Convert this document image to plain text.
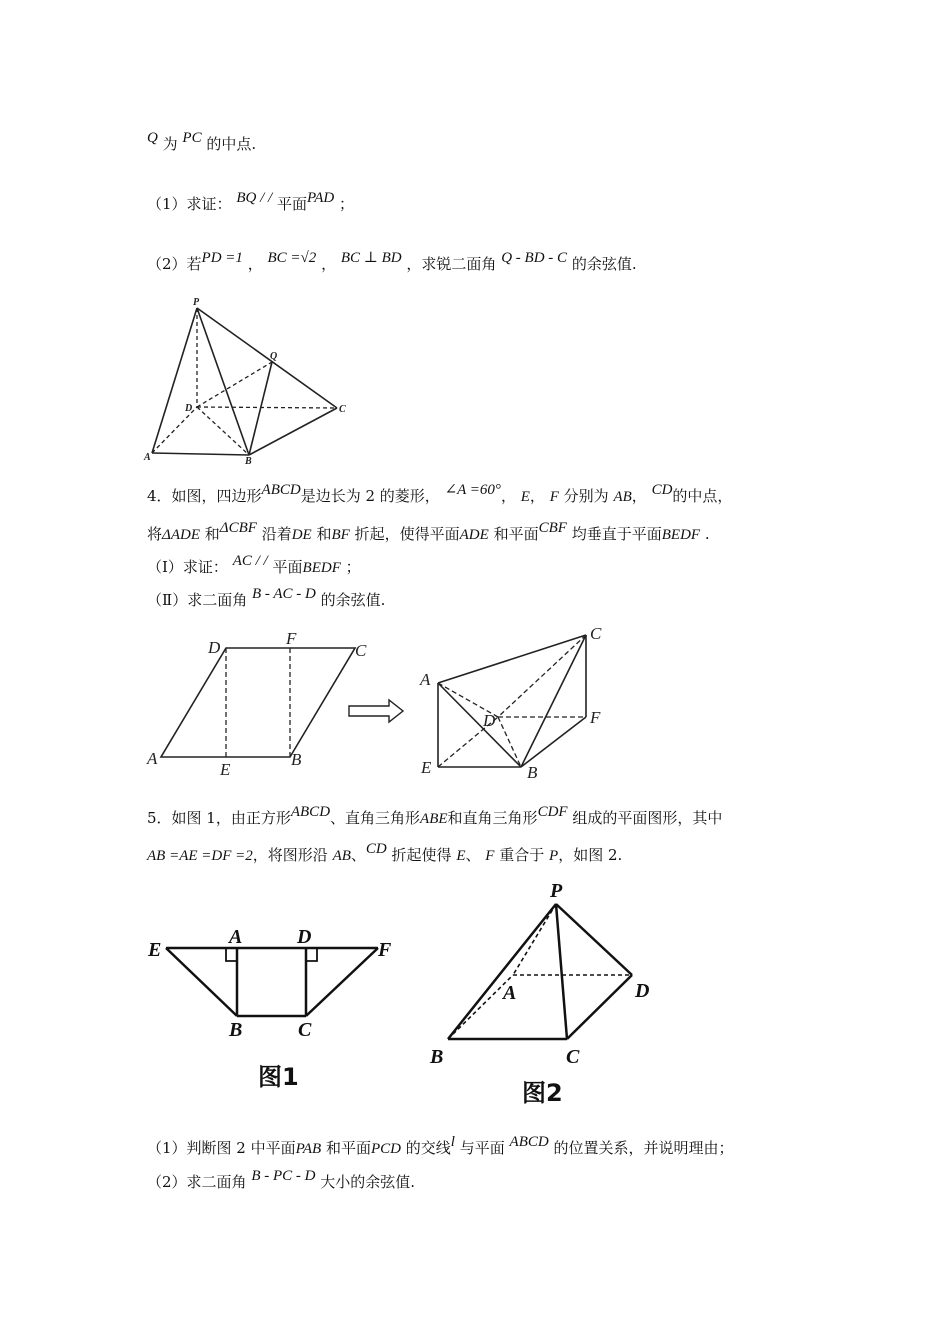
Q 为 PC 的中点.
（1）求证： BQ / / 平面PAD ；
（2）若PD =1 ， BC =√2 ， BC ⊥ BD ，求锐二面角 Q - BD - C 的余弦值.
P
Q
D	C
A	B
4．如图，四边形ABCD是边长为 2 的菱形， ∠A =60°， E， F 分别为 AB， CD的中点，
将ΔADE 和ΔCBF 沿着DE 和BF 折起，使得平面ADE 和平面CBF 均垂直于平面BEDF .
（Ⅰ）求证： AC / / 平面BEDF ；
（Ⅱ）求二面角 B - AC - D 的余弦值.
D	F
C
A
E
B
A
C
D	F
E	B
5．如图 1，由正方形ABCD、直角三角形ABE和直角三角形CDF 组成的平面图形，其中
AB =AE =DF =2，将图形沿 AB、CD 折起使得 E、 F 重合于 P，如图 2.
E
A	D
F
B	C
图1
P
A	D
B	C
图2
（1）判断图 2 中平面PAB 和平面PCD 的交线l 与平面 ABCD 的位置关系，并说明理由；
（2）求二面角 B - PC - D 大小的余弦值.
